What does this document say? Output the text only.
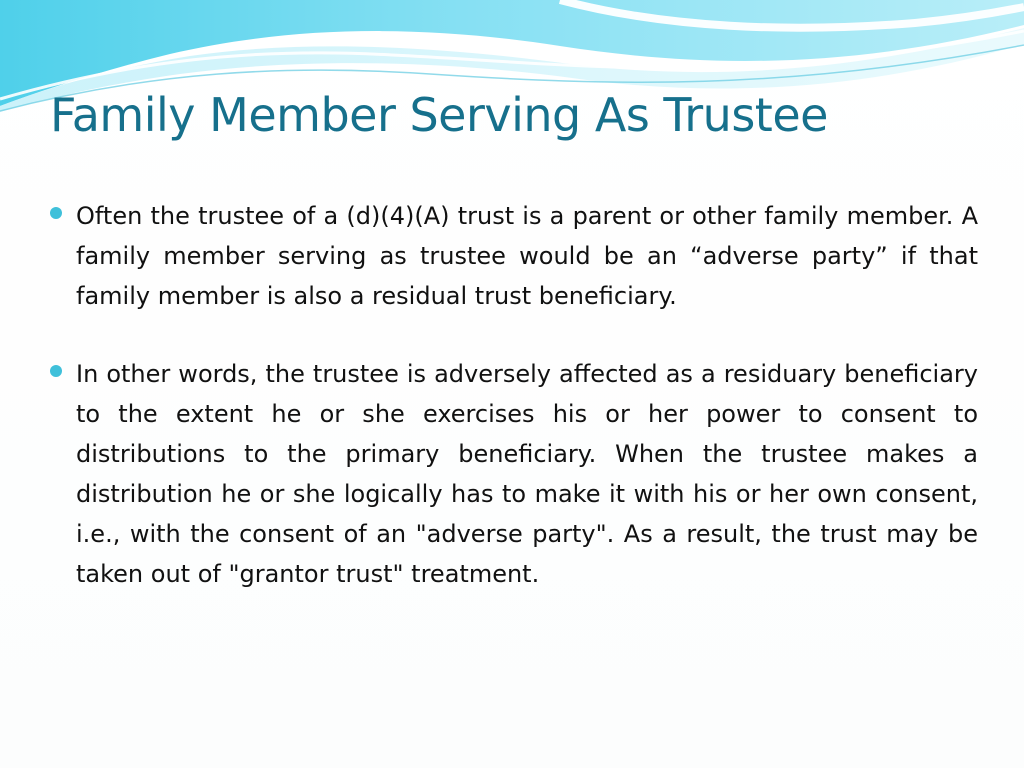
Family Member Serving As Trustee
Often the trustee of a (d)(4)(A) trust is a parent or other family member. A family member serving as trustee would be an “adverse party” if that family member is also a residual trust beneficiary.
In other words, the trustee is adversely affected as a residuary beneficiary to the extent he or she exercises his or her power to consent to distributions to the primary beneficiary. When the trustee makes a distribution he or she logically has to make it with his or her own consent, i.e., with the consent of an "adverse party". As a result, the trust may be taken out of "grantor trust" treatment.
